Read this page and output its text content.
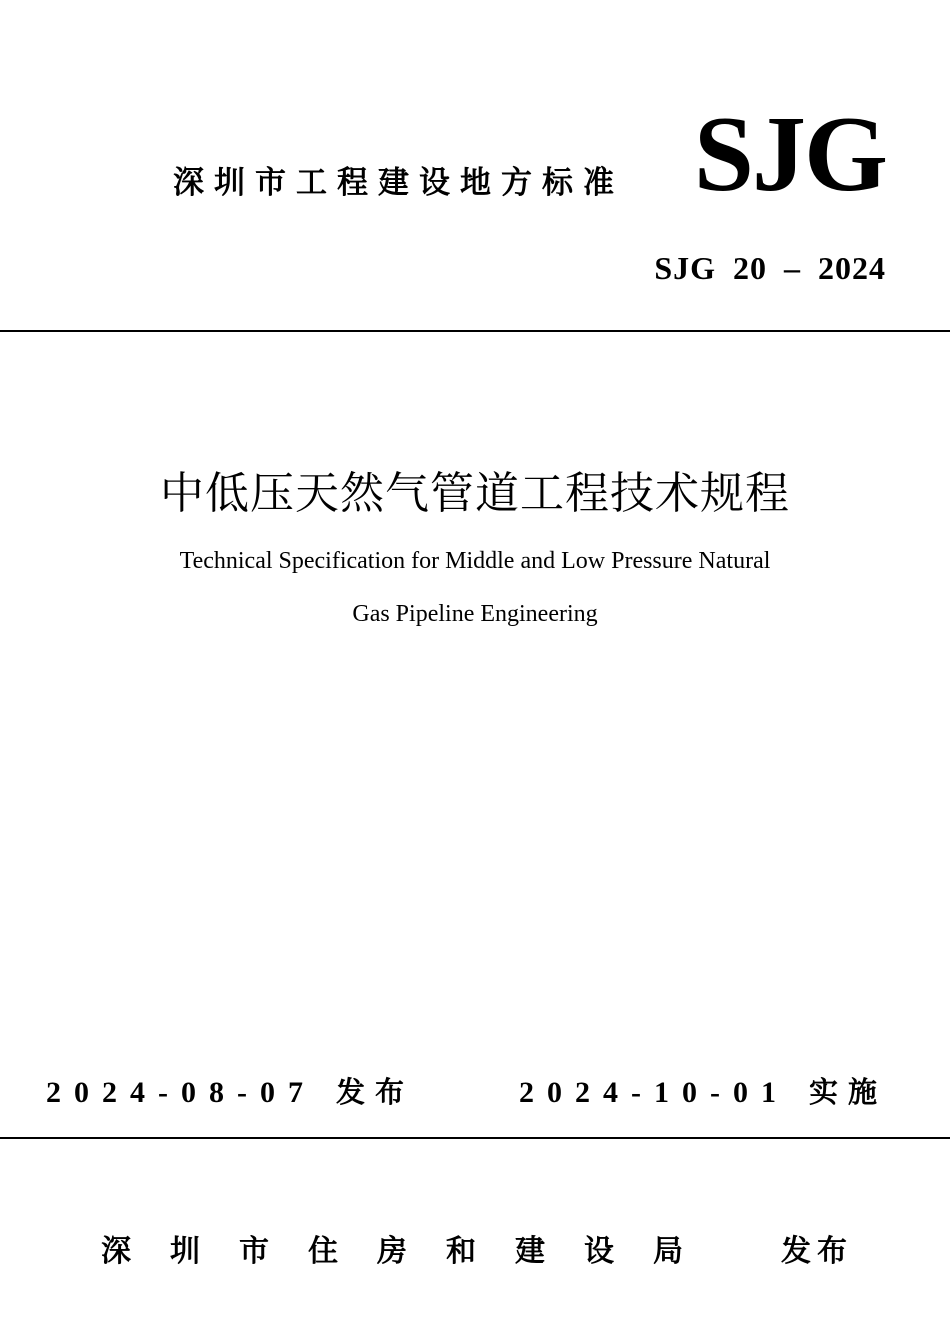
深圳市工程建设地方标准 SJG
SJG 20 – 2024
中低压天然气管道工程技术规程
Technical Specification for Middle and Low Pressure Natural
Gas Pipeline Engineering
2024-08-07 发布	2024-10-01 实施
深圳市住房和建设局 发布
